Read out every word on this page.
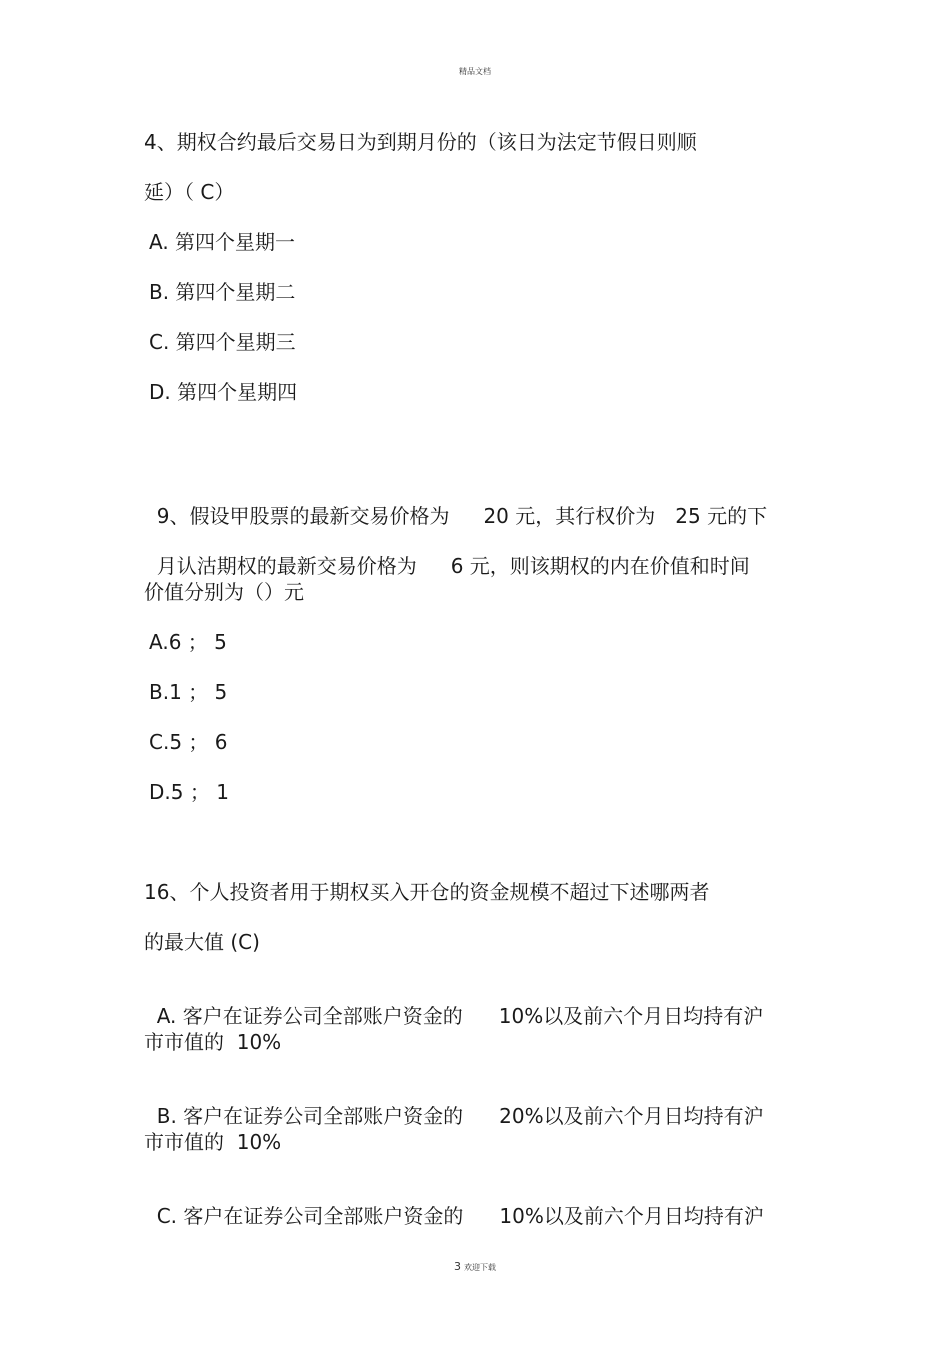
精品文档
4、期权合约最后交易日为到期月份的（该日为法定节假日则顺
延）（ C）
A. 第四个星期一
B. 第四个星期二
C. 第四个星期三
D. 第四个星期四

9、假设甲股票的最新交易价格为 20 元，其行权价为 25 元的下

月认沽期权的最新交易价格为 6 元，则该期权的内在价值和时间

价值分别为（）元
A.6 ； 5
B.1 ； 5
C.5 ； 6
D.5 ； 1
16、个人投资者用于期权买入开仓的资金规模不超过下述哪两者
的最大值 (C)

A. 客户在证券公司全部账户资金的 10%以及前六个月日均持有沪

市市值的  10%

B. 客户在证券公司全部账户资金的 20%以及前六个月日均持有沪

市市值的  10%

C. 客户在证券公司全部账户资金的 10%以及前六个月日均持有沪

3 欢迎下载
